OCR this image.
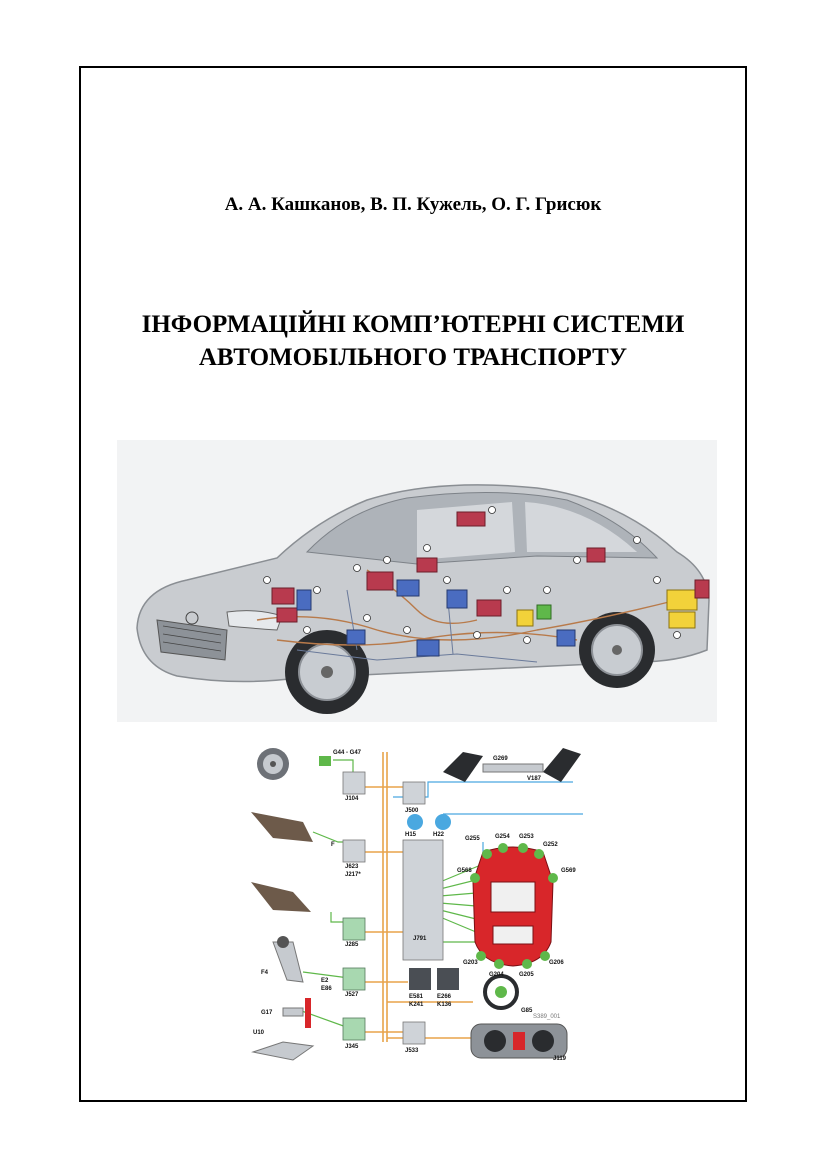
А. А. Кашканов, В. П. Кужель, О. Г. Грисюк
ІНФОРМАЦІЙНІ КОМП’ЮТЕРНІ СИСТЕМИ
АВТОМОБІЛЬНОГО ТРАНСПОРТУ
G44 - G47
J104
F
J623
J217*
F4
J285
G17
J527
E2
E86
U10
J345
J500
G269
V187
H15	H22
J791
G255	G254 G253
G252
G568	G569
G203
G204	G205
G206
E581
K241
E266
K136
G85
J533
J119
S389_001
